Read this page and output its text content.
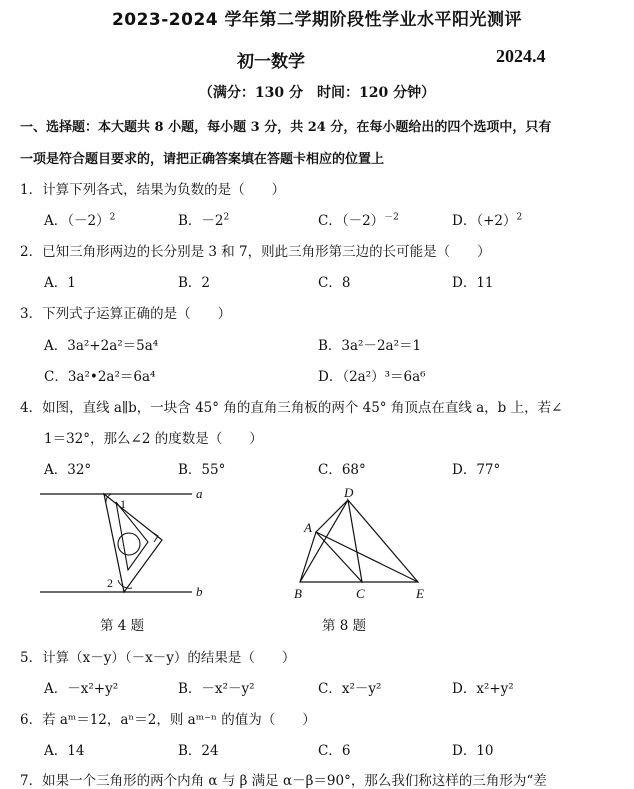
2023-2024 学年第二学期阶段性学业水平阳光测评
初一数学	2024.4
（满分：130 分　时间：120 分钟）
一、选择题：本大题共 8 小题，每小题 3 分，共 24 分，在每小题给出的四个选项中，只有
一项是符合题目要求的，请把正确答案填在答题卡相应的位置上
1．计算下列各式，结果为负数的是（　　）
A．$(-2)^2$	B．$-2^2$	C．$(-2)^{-2}$	D．$(+2)^2$
2．已知三角形两边的长分别是 3 和 7，则此三角形第三边的长可能是（　　）
A．1	B．2	C．8	D．11
3．下列式子运算正确的是（　　）
A．3a²+2a²＝5a⁴	B．3a²－2a²＝1
C．3a²•2a²＝6a⁴	D．（2a²）³＝6a⁶
4．如图，直线 a∥b，一块含 45° 角的直角三角板的两个 45° 角顶点在直线 a，b 上，若∠
1＝32°，那么∠2 的度数是（　　）
A．32°	B．55°	C．68°	D．77°
a
b
1
2
第 4 题
A
B	C
D
E
第 8 题
5．计算（x－y）（－x－y）的结果是（　　）
A．－x²+y²	B．－x²－y²	C．x²－y²	D．x²+y²
6．若 aᵐ＝12，aⁿ＝2，则 aᵐ⁻ⁿ 的值为（　　）
A．14	B．24	C．6	D．10
7．如果一个三角形的两个内角 α 与 β 满足 α－β＝90°，那么我们称这样的三角形为“差
